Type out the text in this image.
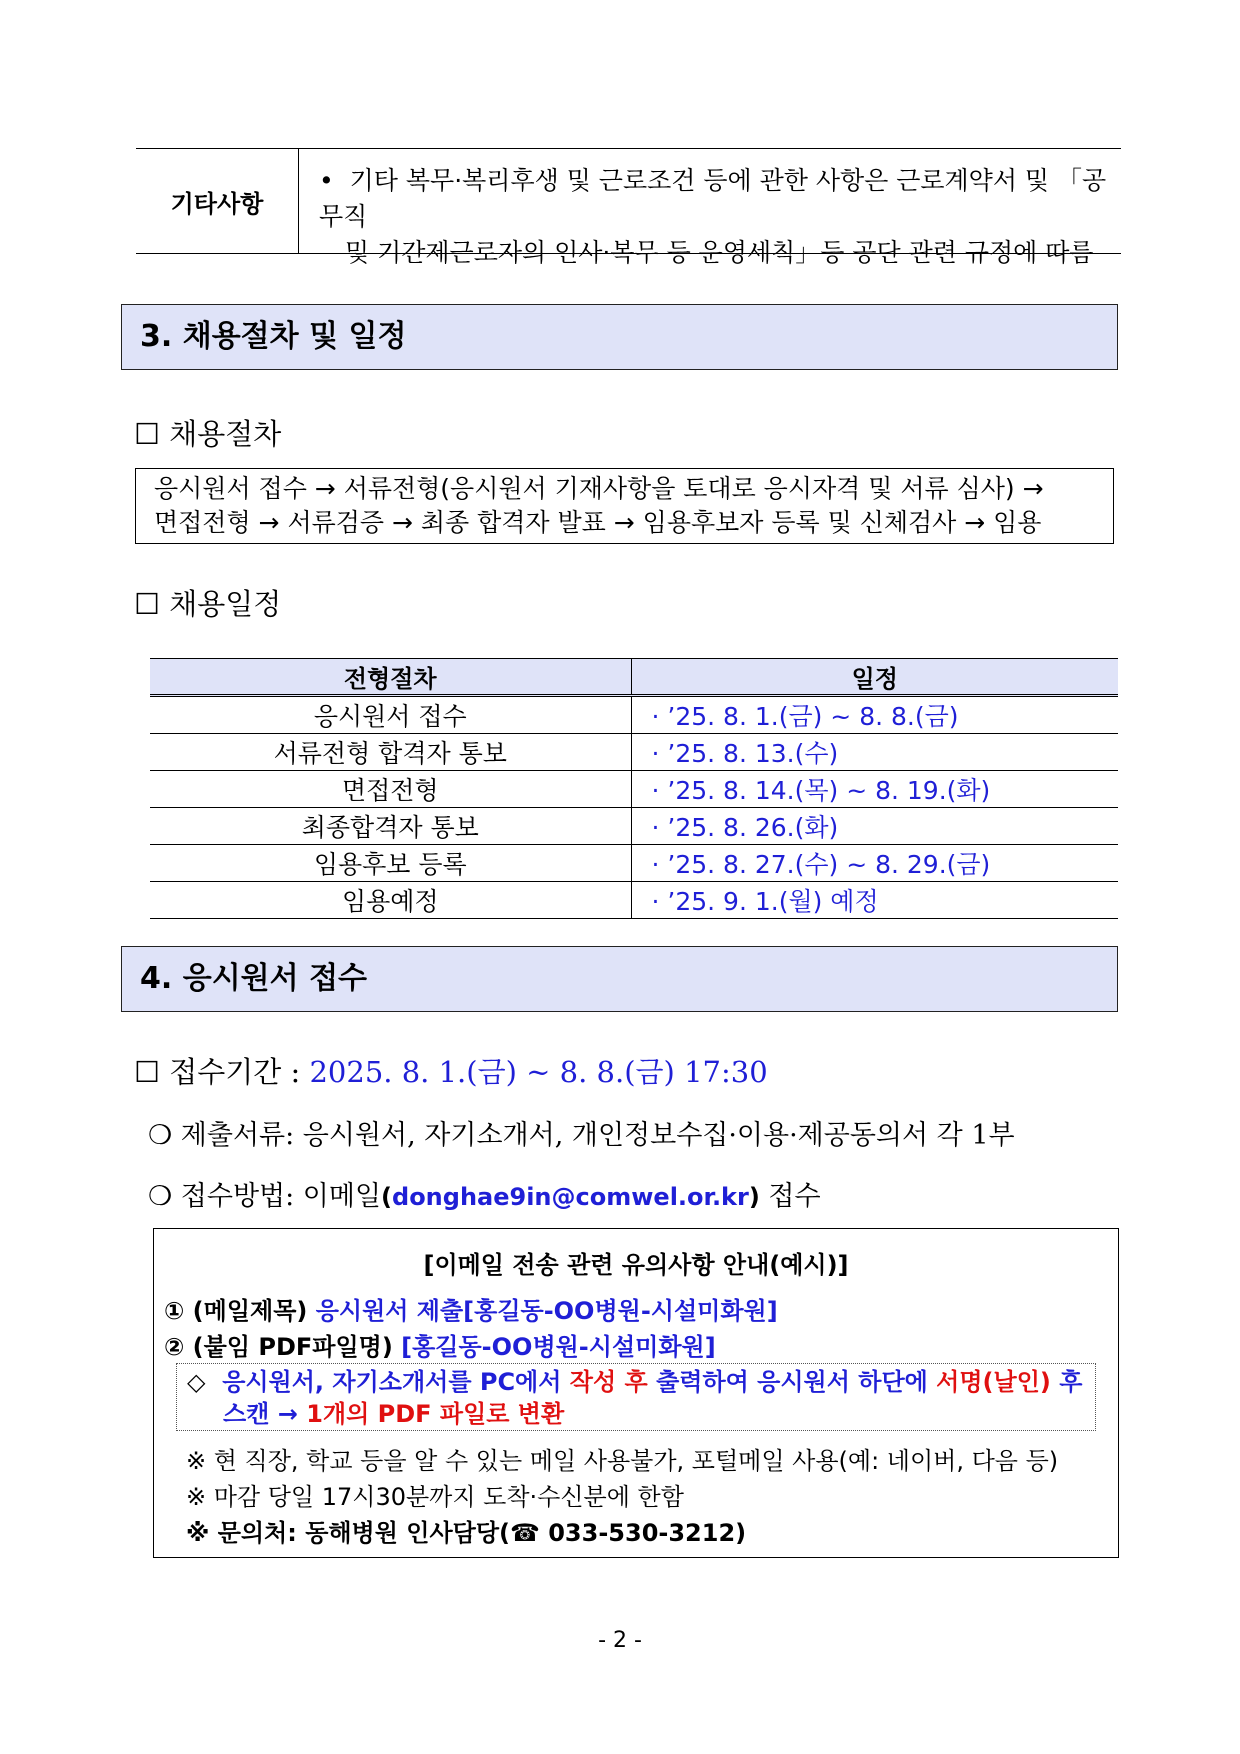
기타사항
• 기타 복무·복리후생 및 근로조건 등에 관한 사항은 근로계약서 및 「공무직
및 기간제근로자의 인사·복무 등 운영세칙」등 공단 관련 규정에 따름
3. 채용절차 및 일정
☐ 채용절차
응시원서 접수 → 서류전형(응시원서 기재사항을 토대로 응시자격 및 서류 심사) →
면접전형 → 서류검증 → 최종 합격자 발표 → 임용후보자 등록 및 신체검사 → 임용
☐ 채용일정
전형절차	일정
응시원서 접수	· ’25. 8. 1.(금) ~ 8. 8.(금)
서류전형 합격자 통보	· ’25. 8. 13.(수)
면접전형	· ’25. 8. 14.(목) ~ 8. 19.(화)
최종합격자 통보	· ’25. 8. 26.(화)
임용후보 등록	· ’25. 8. 27.(수) ~ 8. 29.(금)
임용예정	· ’25. 9. 1.(월) 예정
4. 응시원서 접수
☐ 접수기간 : 2025. 8. 1.(금) ~ 8. 8.(금) 17:30
❍ 제출서류: 응시원서, 자기소개서, 개인정보수집·이용·제공동의서 각 1부
❍ 접수방법: 이메일(donghae9in@comwel.or.kr) 접수
[이메일 전송 관련 유의사항 안내(예시)]
① (메일제목) 응시원서 제출[홍길동-OO병원-시설미화원]
② (붙임 PDF파일명) [홍길동-OO병원-시설미화원]
◇ 응시원서, 자기소개서를 PC에서 작성 후 출력하여 응시원서 하단에 서명(날인) 후
스캔 → 1개의 PDF 파일로 변환
※ 현 직장, 학교 등을 알 수 있는 메일 사용불가, 포털메일 사용(예: 네이버, 다음 등)
※ 마감 당일 17시30분까지 도착·수신분에 한함
※ 문의처: 동해병원 인사담당(☎ 033-530-3212)
- 2 -
